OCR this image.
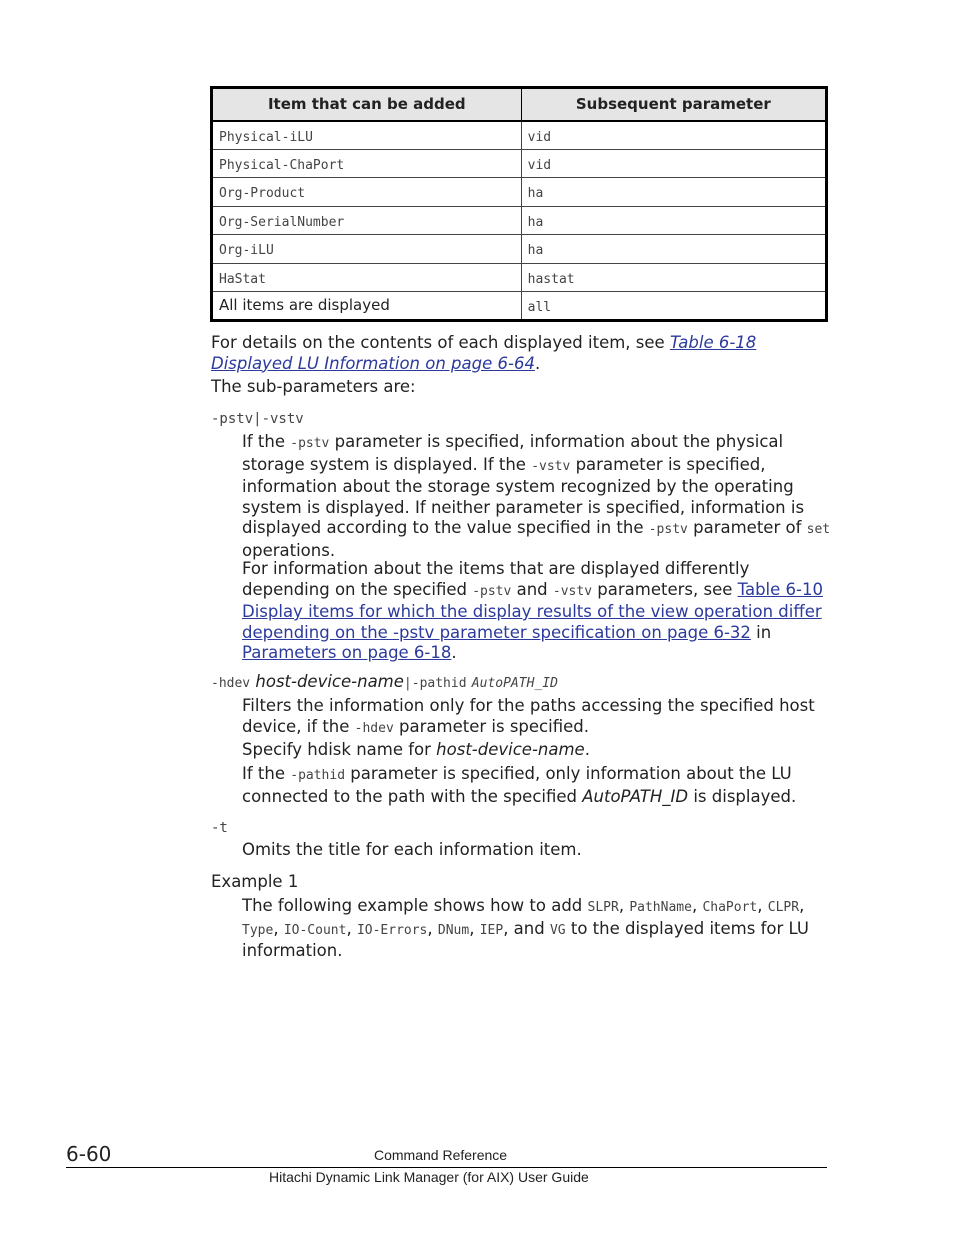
Item that can be added	Subsequent parameter
Physical-iLU	vid
Physical-ChaPort	vid
Org-Product	ha
Org-SerialNumber	ha
Org-iLU	ha
HaStat	hastat
All items are displayed	all

For details on the contents of each displayed item, see Table 6-18 Displayed LU Information on page 6-64.

The sub-parameters are:

-pstv|-vstv

If the -pstv parameter is specified, information about the physical storage system is displayed. If the -vstv parameter is specified, information about the storage system recognized by the operating system is displayed. If neither parameter is specified, information is displayed according to the value specified in the -pstv parameter of set operations.

For information about the items that are displayed differently depending on the specified -pstv and -vstv parameters, see Table 6-10 Display items for which the display results of the view operation differ depending on the -pstv parameter specification on page 6-32 in Parameters on page 6-18.

-hdev host-device-name|-pathid AutoPATH_ID

Filters the information only for the paths accessing the specified host device, if the -hdev parameter is specified.

Specify hdisk name for host-device-name.

If the -pathid parameter is specified, only information about the LU connected to the path with the specified AutoPATH_ID is displayed.

-t

Omits the title for each information item.

Example 1

The following example shows how to add SLPR, PathName, ChaPort, CLPR, Type, IO-Count, IO-Errors, DNum, IEP, and VG to the displayed items for LU information.

6-60	Command Reference
Hitachi Dynamic Link Manager (for AIX) User Guide
